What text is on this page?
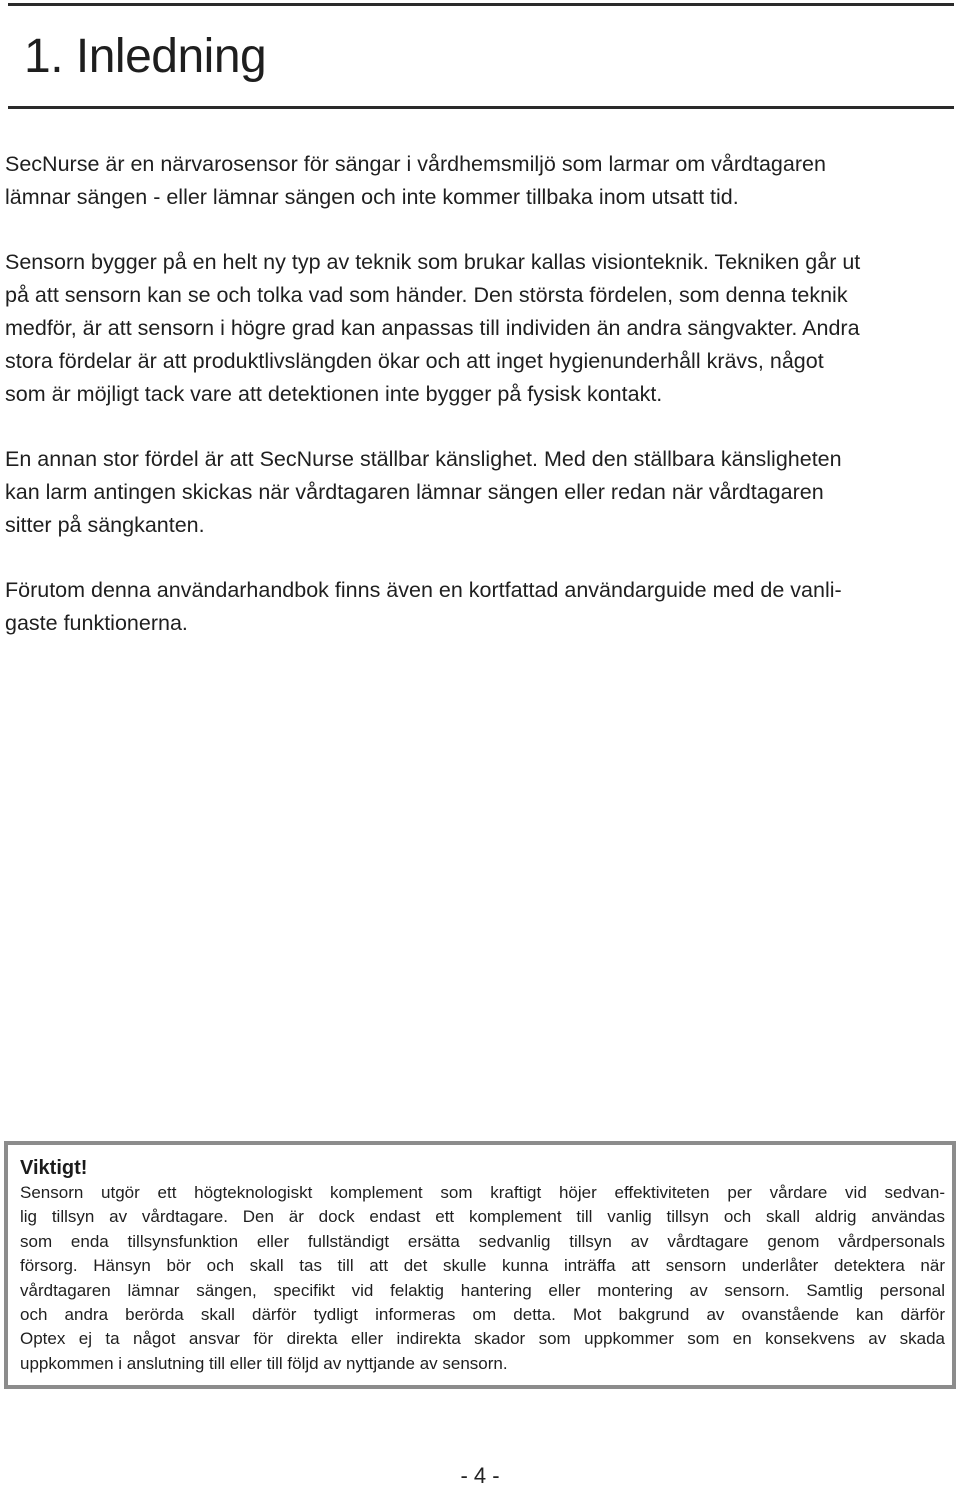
1. Inledning

SecNurse är en närvarosensor för sängar i vårdhemsmiljö som larmar om vårdtagaren
lämnar sängen - eller lämnar sängen och inte kommer tillbaka inom utsatt tid.

Sensorn bygger på en helt ny typ av teknik som brukar kallas visionteknik. Tekniken går ut
på att sensorn kan se och tolka vad som händer. Den största fördelen, som denna teknik
medför, är att sensorn i högre grad kan anpassas till individen än andra sängvakter. Andra
stora fördelar är att produktlivslängden ökar och att inget hygienunderhåll krävs, något
som är möjligt tack vare att detektionen inte bygger på fysisk kontakt.

En annan stor fördel är att SecNurse ställbar känslighet. Med den ställbara känsligheten
kan larm antingen skickas när vårdtagaren lämnar sängen eller redan när vårdtagaren
sitter på sängkanten.

Förutom denna användarhandbok finns även en kortfattad användarguide med de vanli-
gaste funktionerna.

Viktigt!
Sensorn utgör ett högteknologiskt komplement som kraftigt höjer effektiviteten per vårdare vid sedvan-
lig tillsyn av vårdtagare. Den är dock endast ett komplement till vanlig tillsyn och skall aldrig användas
som enda tillsynsfunktion eller fullständigt ersätta sedvanlig tillsyn av vårdtagare genom vårdpersonals
försorg. Hänsyn bör och skall tas till att det skulle kunna inträffa att sensorn underlåter detektera när
vårdtagaren lämnar sängen, specifikt vid felaktig hantering eller montering av sensorn. Samtlig personal
och andra berörda skall därför tydligt informeras om detta. Mot bakgrund av ovanstående kan därför
Optex ej ta något ansvar för direkta eller indirekta skador som uppkommer som en konsekvens av skada
uppkommen i anslutning till eller till följd av nyttjande av sensorn.
- 4 -
